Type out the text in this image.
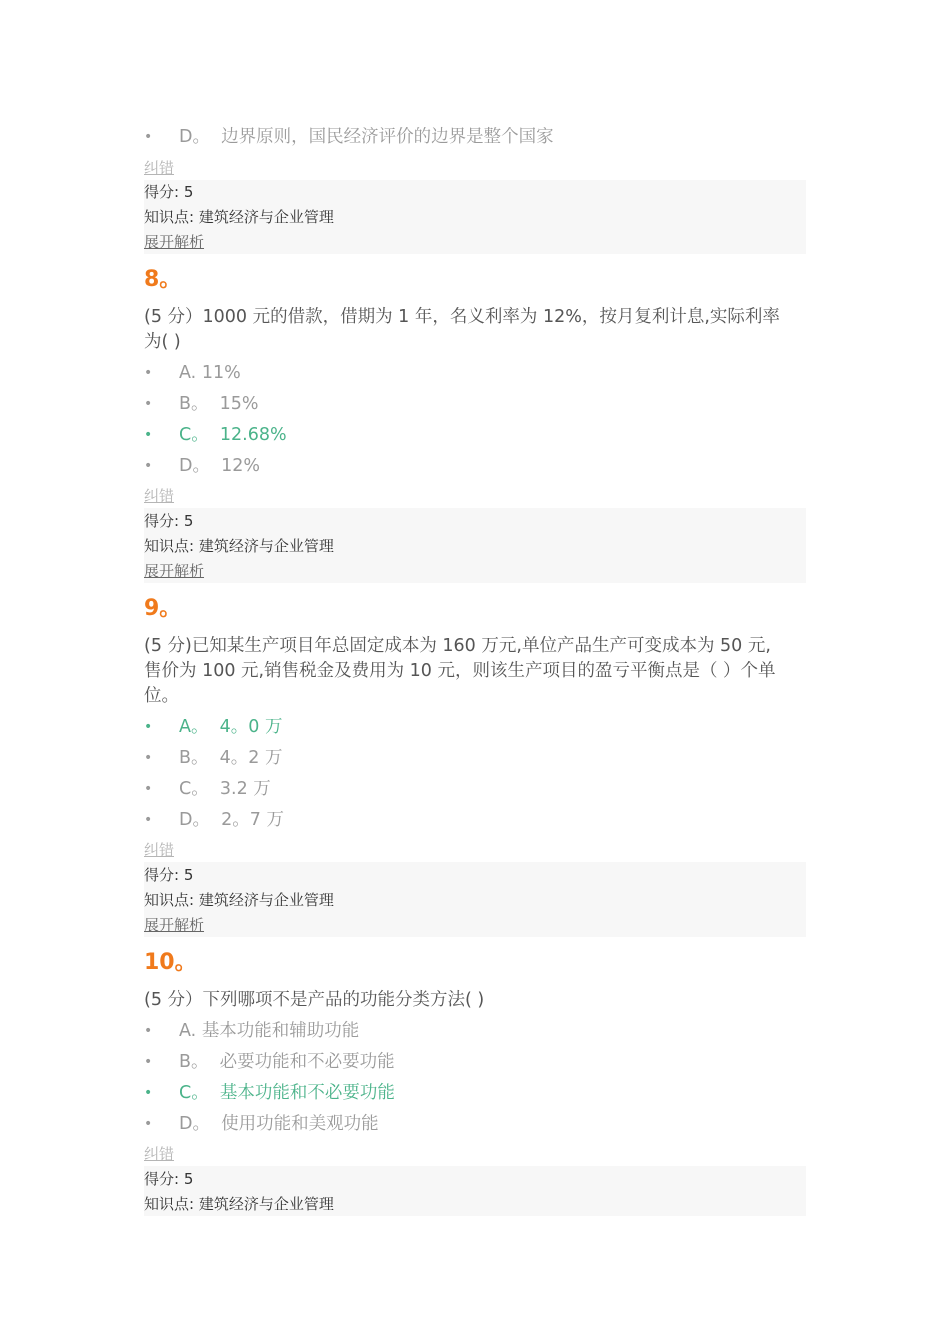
• D。 边界原则，国民经济评价的边界是整个国家
纠错
得分: 5
知识点: 建筑经济与企业管理
展开解析
8。
(5 分）1000 元的借款，借期为 1 年，名义利率为 12%，按月复利计息,实际利率
为( )
• A. 11%
• B。 15%
• C。 12.68%
• D。 12%
纠错
得分: 5
知识点: 建筑经济与企业管理
展开解析
9。
(5 分)已知某生产项目年总固定成本为 160 万元,单位产品生产可变成本为 50 元,
售价为 100 元,销售税金及费用为 10 元，则该生产项目的盈亏平衡点是（ ）个单
位。
• A。 4。0 万
• B。 4。2 万
• C。 3.2 万
• D。 2。7 万
纠错
得分: 5
知识点: 建筑经济与企业管理
展开解析
10。
(5 分）下列哪项不是产品的功能分类方法( )
• A. 基本功能和辅助功能
• B。 必要功能和不必要功能
• C。 基本功能和不必要功能
• D。 使用功能和美观功能
纠错
得分: 5
知识点: 建筑经济与企业管理
